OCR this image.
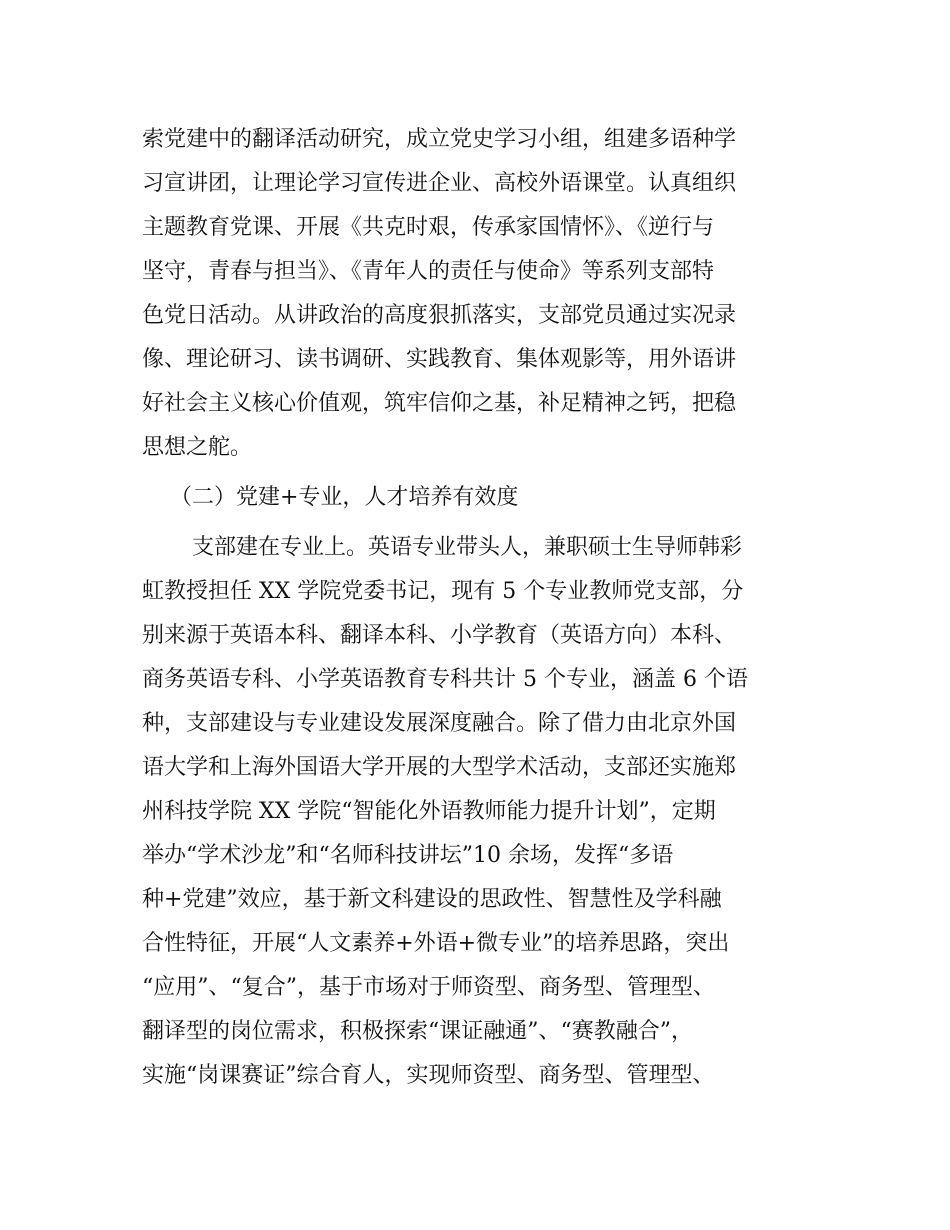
索党建中的翻译活动研究，成立党史学习小组，组建多语种学
习宣讲团，让理论学习宣传进企业、高校外语课堂。认真组织
主题教育党课、开展《共克时艰，传承家国情怀》、《逆行与
坚守，青春与担当》、《青年人的责任与使命》等系列支部特
色党日活动。从讲政治的高度狠抓落实，支部党员通过实况录
像、理论研习、读书调研、实践教育、集体观影等，用外语讲
好社会主义核心价值观，筑牢信仰之基，补足精神之钙，把稳
思想之舵。
（二）党建+专业，人才培养有效度
支部建在专业上。英语专业带头人，兼职硕士生导师韩彩
虹教授担任 XX 学院党委书记，现有 5 个专业教师党支部，分
别来源于英语本科、翻译本科、小学教育（英语方向）本科、
商务英语专科、小学英语教育专科共计 5 个专业，涵盖 6 个语
种，支部建设与专业建设发展深度融合。除了借力由北京外国
语大学和上海外国语大学开展的大型学术活动，支部还实施郑
州科技学院 XX 学院“智能化外语教师能力提升计划”，定期
举办“学术沙龙”和“名师科技讲坛”10 余场，发挥“多语
种+党建”效应，基于新文科建设的思政性、智慧性及学科融
合性特征，开展“人文素养+外语+微专业”的培养思路，突出
“应用”、“复合”，基于市场对于师资型、商务型、管理型、
翻译型的岗位需求，积极探索“课证融通”、“赛教融合”，
实施“岗课赛证”综合育人，实现师资型、商务型、管理型、
